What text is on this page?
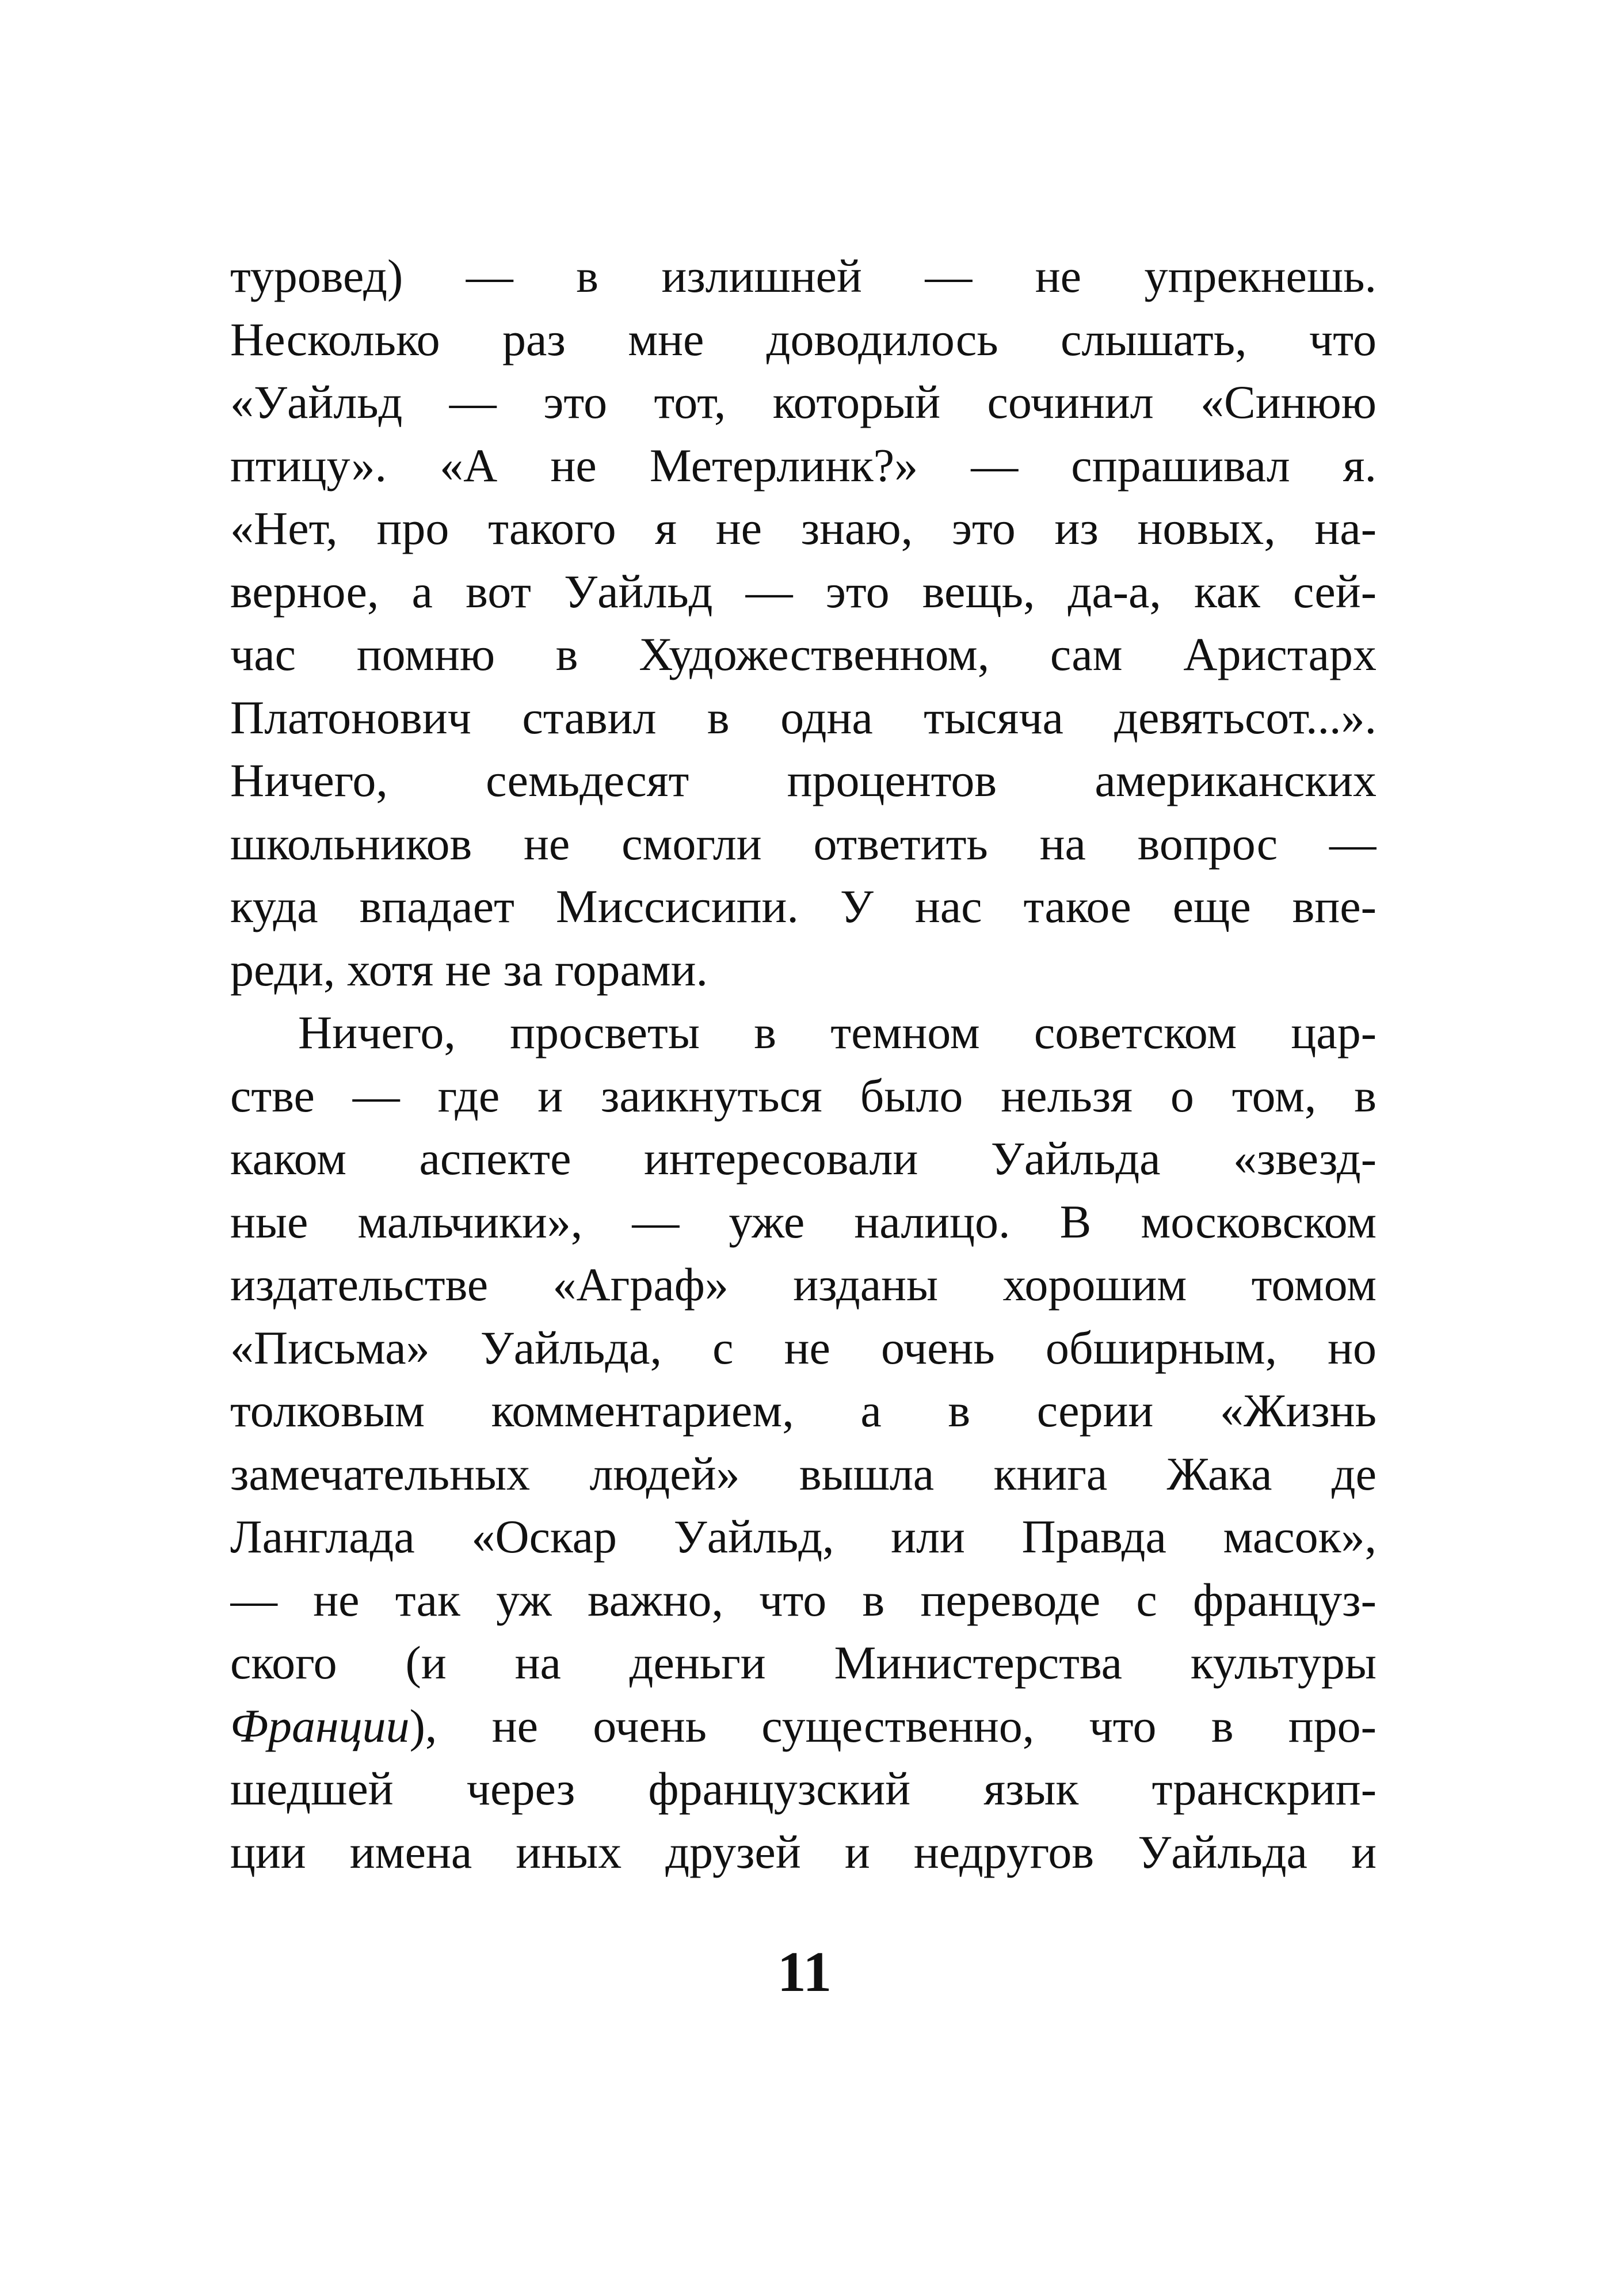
туровед) — в излишней — не упрекнешь.
Несколько раз мне доводилось слышать, что
«Уайльд — это тот, который сочинил «Синюю
птицу». «А не Метерлинк?» — спрашивал я.
«Нет, про такого я не знаю, это из новых, на-
верное, а вот Уайльд — это вещь, да-а, как сей-
час помню в Художественном, сам Аристарх
Платонович ставил в одна тысяча девятьсот...».
Ничего, семьдесят процентов американских
школьников не смогли ответить на вопрос —
куда впадает Миссисипи. У нас такое еще впе-
реди, хотя не за горами.
Ничего, просветы в темном советском цар-
стве — где и заикнуться было нельзя о том, в
каком аспекте интересовали Уайльда «звезд-
ные мальчики», — уже налицо. В московском
издательстве «Аграф» изданы хорошим томом
«Письма» Уайльда, с не очень обширным, но
толковым комментарием, а в серии «Жизнь
замечательных людей» вышла книга Жака де
Ланглада «Оскар Уайльд, или Правда масок»,
— не так уж важно, что в переводе с француз-
ского (и на деньги Министерства культуры
Франции), не очень существенно, что в про-
шедшей через французский язык транскрип-
ции имена иных друзей и недругов Уайльда и
11
